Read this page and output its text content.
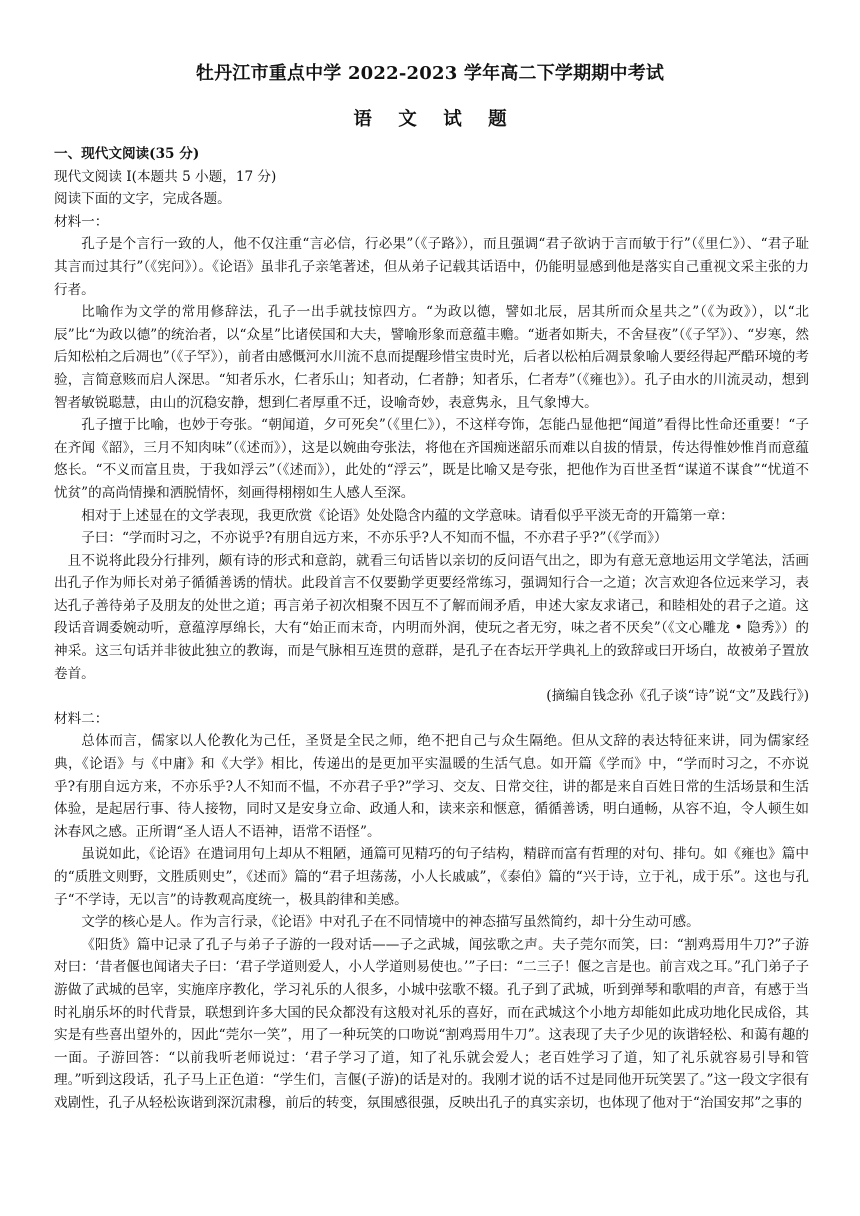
牡丹江市重点中学 2022-2023 学年高二下学期期中考试
语 文 试 题

一、现代文阅读(35 分)

现代文阅读 I(本题共 5 小题，17 分)

阅读下面的文字，完成各题。

材料一：

孔子是个言行一致的人，他不仅注重“言必信，行必果”（《子路》），而且强调“君子欲讷于言而敏于行”（《里仁》）、“君子耻其言而过其行”（《宪问》）。《论语》虽非孔子亲笔著述，但从弟子记载其话语中，仍能明显感到他是落实自己重视文采主张的力行者。

比喻作为文学的常用修辞法，孔子一出手就技惊四方。“为政以德，譬如北辰，居其所而众星共之”（《为政》），以“北辰”比“为政以德”的统治者，以“众星”比诸侯国和大夫，譬喻形象而意蕴丰赡。“逝者如斯夫，不舍昼夜”（《子罕》）、“岁寒，然后知松柏之后凋也”（《子罕》），前者由感慨河水川流不息而提醒珍惜宝贵时光，后者以松柏后凋景象喻人要经得起严酷环境的考验，言简意赅而启人深思。“知者乐水，仁者乐山；知者动，仁者静；知者乐，仁者寿”（《雍也》）。孔子由水的川流灵动，想到智者敏锐聪慧，由山的沉稳安静，想到仁者厚重不迁，设喻奇妙，表意隽永，且气象博大。

孔子擅于比喻，也妙于夸张。“朝闻道，夕可死矣”（《里仁》），不这样夸饰，怎能凸显他把“闻道”看得比性命还重要！“子在齐闻《韶》，三月不知肉味”（《述而》），这是以婉曲夸张法，将他在齐国痴迷韶乐而难以自拔的情景，传达得惟妙惟肖而意蕴悠长。“不义而富且贵，于我如浮云”（《述而》），此处的“浮云”，既是比喻又是夸张，把他作为百世圣哲“谋道不谋食”“忧道不忧贫”的高尚情操和洒脱情怀，刻画得栩栩如生人感人至深。

相对于上述显在的文学表现，我更欣赏《论语》处处隐含内蕴的文学意味。请看似乎平淡无奇的开篇第一章：

子曰：“学而时习之，不亦说乎?有朋自远方来，不亦乐乎?人不知而不愠，不亦君子乎?”（《学而》）

且不说将此段分行排列，颇有诗的形式和意韵，就看三句话皆以亲切的反问语气出之，即为有意无意地运用文学笔法，活画出孔子作为师长对弟子循循善诱的情状。此段首言不仅要勤学更要经常练习，强调知行合一之道；次言欢迎各位远来学习，表达孔子善待弟子及朋友的处世之道；再言弟子初次相聚不因互不了解而闹矛盾，申述大家友求诸己，和睦相处的君子之道。这段话音调委婉动听，意蕴淳厚绵长，大有“始正而末奇，内明而外润，使玩之者无穷，味之者不厌矣”（《文心雕龙 • 隐秀》）的神采。这三句话并非彼此独立的教诲，而是气脉相互连贯的意群，是孔子在杏坛开学典礼上的致辞或曰开场白，故被弟子置放卷首。

(摘编自钱念孙《孔子谈“诗”说“文”及践行》)

材料二：

总体而言，儒家以人伦教化为己任，圣贤是全民之师，绝不把自己与众生隔绝。但从文辞的表达特征来讲，同为儒家经典，《论语》与《中庸》和《大学》相比，传递出的是更加平实温暖的生活气息。如开篇《学而》中，“学而时习之，不亦说乎?有朋自远方来，不亦乐乎?人不知而不愠，不亦君子乎?”学习、交友、日常交往，讲的都是来自百姓日常的生活场景和生活体验，是起居行事、待人接物，同时又是安身立命、政通人和，读来亲和惬意，循循善诱，明白通畅，从容不迫，令人顿生如沐春风之感。正所谓“圣人语人不语神，语常不语怪”。

虽说如此，《论语》在遣词用句上却从不粗陋，通篇可见精巧的句子结构，精辟而富有哲理的对句、排句。如《雍也》篇中的“质胜文则野，文胜质则史”，《述而》篇的“君子坦荡荡，小人长戚戚”，《泰伯》篇的“兴于诗，立于礼，成于乐”。这也与孔子“不学诗，无以言”的诗教观高度统一，极具韵律和美感。

文学的核心是人。作为言行录，《论语》中对孔子在不同情境中的神态描写虽然简约，却十分生动可感。

《阳货》篇中记录了孔子与弟子子游的一段对话——子之武城，闻弦歌之声。夫子莞尔而笑，曰：“割鸡焉用牛刀?”子游对曰：‘昔者偃也闻诸夫子曰：‘君子学道则爱人，小人学道则易使也。’”子曰：“二三子！偃之言是也。前言戏之耳。”孔门弟子子游做了武城的邑宰，实施庠序教化，学习礼乐的人很多，小城中弦歌不辍。孔子到了武城，听到弹琴和歌唱的声音，有感于当时礼崩乐坏的时代背景，联想到许多大国的民众都没有这般对礼乐的喜好，而在武城这个小地方却能如此成功地化民成俗，其实是有些喜出望外的，因此“莞尔一笑”，用了一种玩笑的口吻说“割鸡焉用牛刀”。这表现了夫子少见的诙谐轻松、和蔼有趣的一面。子游回答：“以前我听老师说过：‘君子学习了道，知了礼乐就会爱人；老百姓学习了道，知了礼乐就容易引导和管理。”听到这段话，孔子马上正色道：“学生们，言偃(子游)的话是对的。我刚才说的话不过是同他开玩笑罢了。”这一段文字很有戏剧性，孔子从轻松诙谐到深沉肃穆，前后的转变，氛围感很强，反映出孔子的真实亲切，也体现了他对于“治国安邦”之事的
